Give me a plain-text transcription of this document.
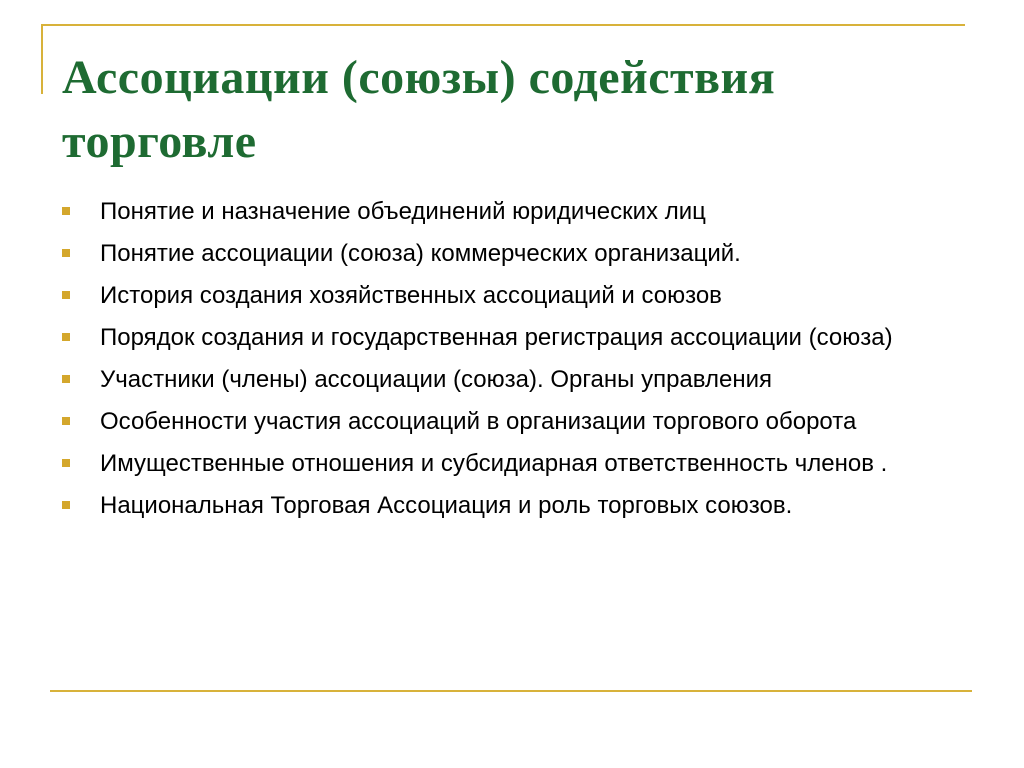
Ассоциации (союзы) содействия торговле
Понятие и назначение объединений юридических лиц
Понятие ассоциации (союза) коммерческих организаций.
История создания хозяйственных ассоциаций и союзов
Порядок создания и государственная регистрация ассоциации (союза)
Участники (члены) ассоциации (союза). Органы управления
Особенности участия ассоциаций в организации торгового оборота
Имущественные отношения и субсидиарная ответственность членов .
Национальная Торговая Ассоциация и роль торговых союзов.
